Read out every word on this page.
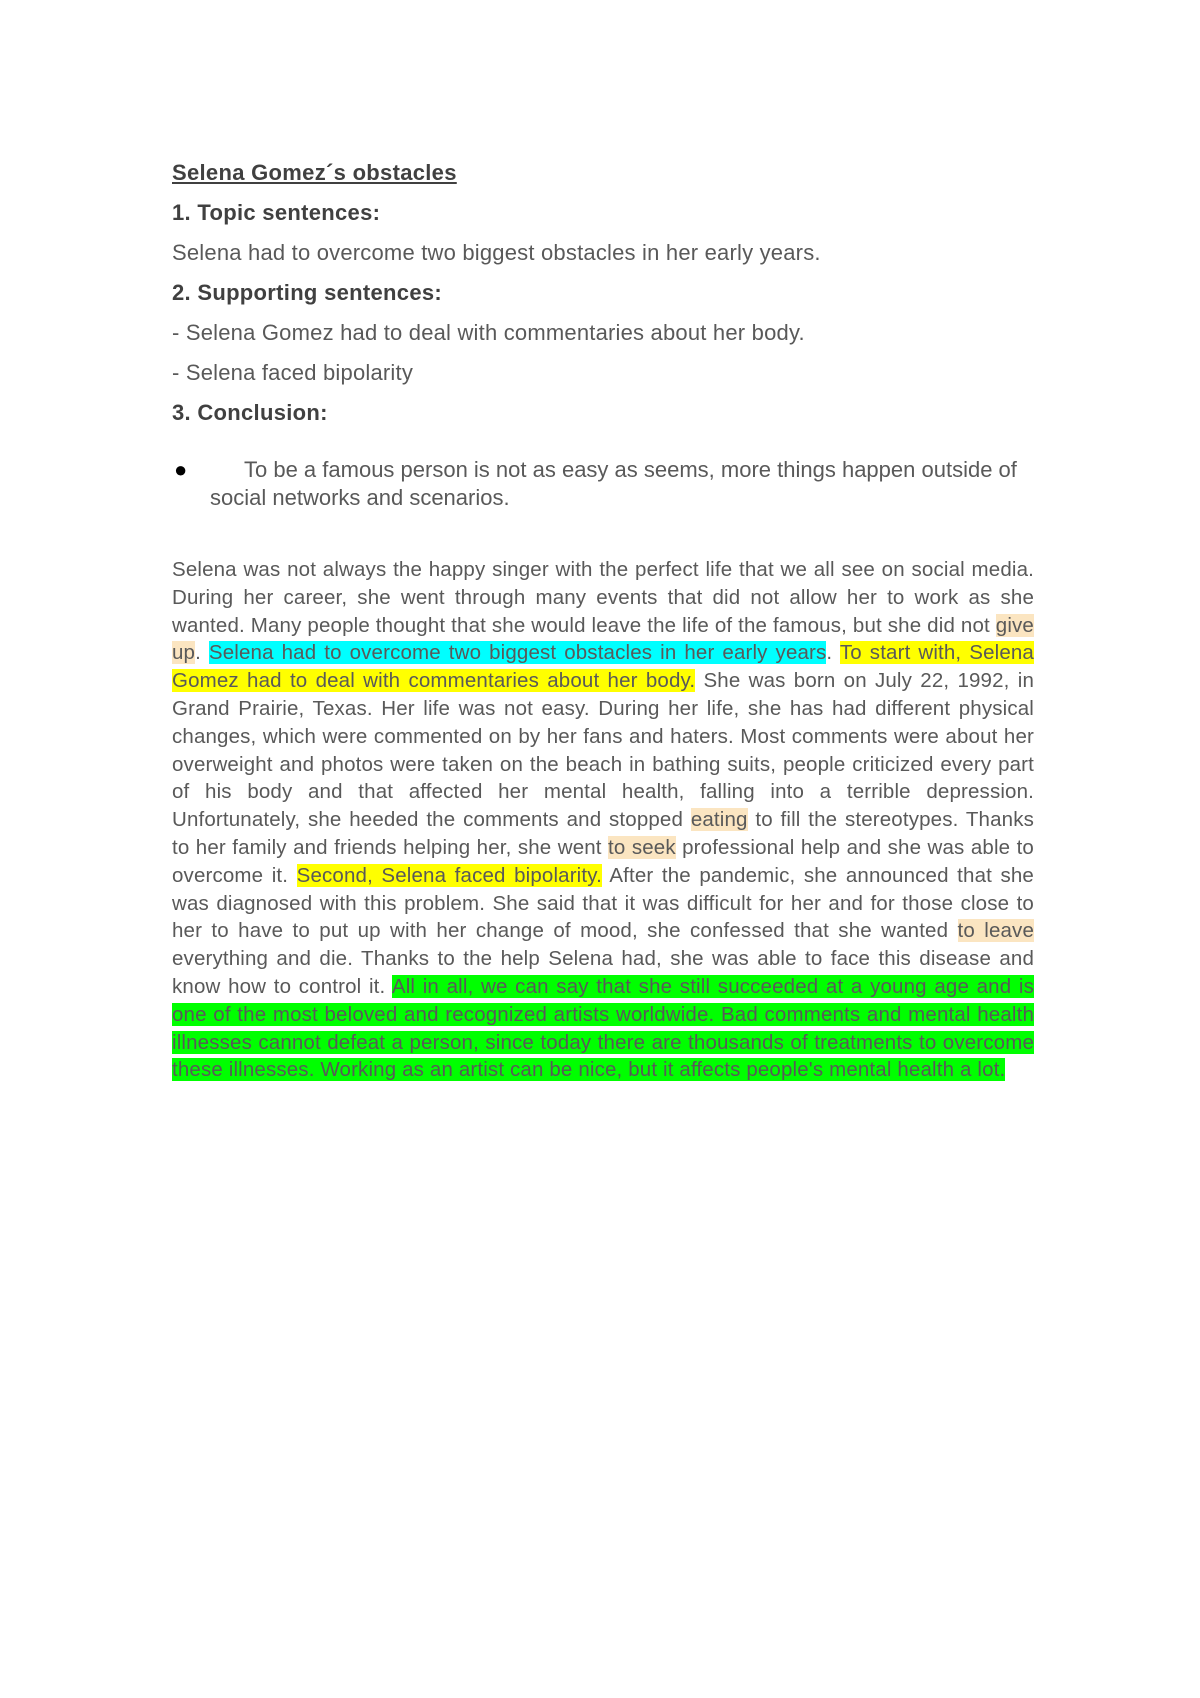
Selena Gomez´s obstacles
1. Topic sentences:
Selena had to overcome two biggest obstacles in her early years.
2. Supporting sentences:
- Selena Gomez had to deal with commentaries about her body.
- Selena faced bipolarity
3. Conclusion:
●	To be a famous person is not as easy as seems, more things happen outside of social networks and scenarios.

Selena was not always the happy singer with the perfect life that we all see on social media. During her career, she went through many events that did not allow her to work as she wanted. Many people thought that she would leave the life of the famous, but she did not give up. Selena had to overcome two biggest obstacles in her early years. To start with, Selena Gomez had to deal with commentaries about her body. She was born on July 22, 1992, in Grand Prairie, Texas. Her life was not easy. During her life, she has had different physical changes, which were commented on by her fans and haters. Most comments were about her overweight and photos were taken on the beach in bathing suits, people criticized every part of his body and that affected her mental health, falling into a terrible depression. Unfortunately, she heeded the comments and stopped eating to fill the stereotypes. Thanks to her family and friends helping her, she went to seek professional help and she was able to overcome it. Second, Selena faced bipolarity. After the pandemic, she announced that she was diagnosed with this problem. She said that it was difficult for her and for those close to her to have to put up with her change of mood, she confessed that she wanted to leave everything and die. Thanks to the help Selena had, she was able to face this disease and know how to control it. All in all, we can say that she still succeeded at a young age and is one of the most beloved and recognized artists worldwide. Bad comments and mental health illnesses cannot defeat a person, since today there are thousands of treatments to overcome these illnesses. Working as an artist can be nice, but it affects people's mental health a lot.
